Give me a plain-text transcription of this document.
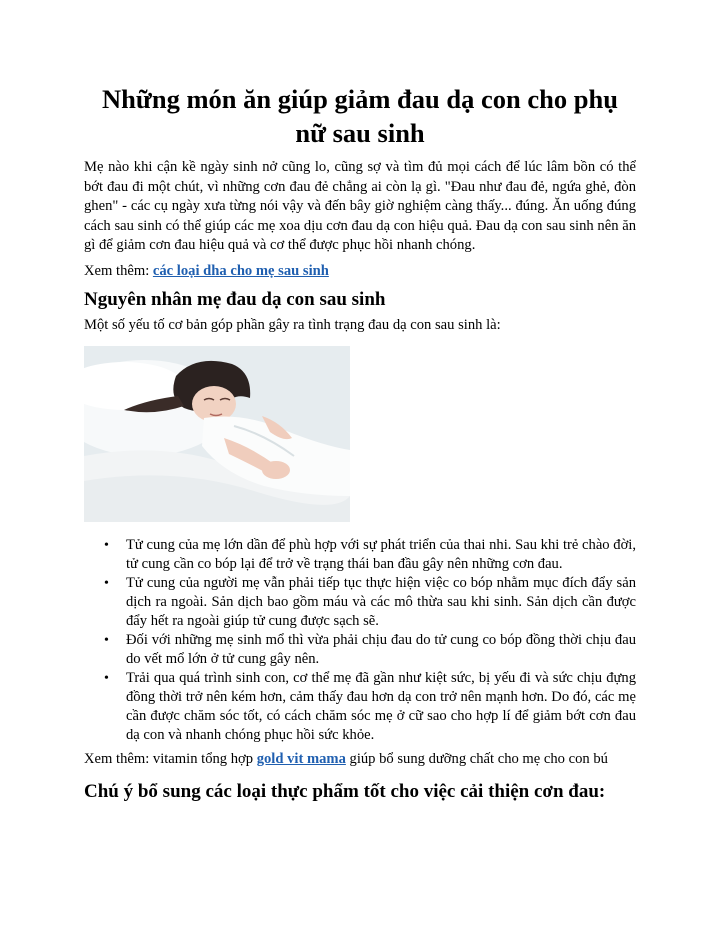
Những món ăn giúp giảm đau dạ con cho phụ nữ sau sinh

Mẹ nào khi cận kề ngày sinh nở cũng lo, cũng sợ và tìm đủ mọi cách để lúc lâm bồn có thể bớt đau đi một chút, vì những cơn đau đẻ chẳng ai còn lạ gì. "Đau như đau đẻ, ngứa ghẻ, đòn ghen" - các cụ ngày xưa từng nói vậy và đến bây giờ nghiệm càng thấy... đúng. Ăn uống đúng cách sau sinh có thể giúp các mẹ xoa dịu cơn đau dạ con hiệu quả. Đau dạ con sau sinh nên ăn gì để giảm cơn đau hiệu quả và cơ thể được phục hồi nhanh chóng.

Xem thêm: các loại dha cho mẹ sau sinh

Nguyên nhân mẹ đau dạ con sau sinh

Một số yếu tố cơ bản góp phần gây ra tình trạng đau dạ con sau sinh là:

• Tử cung của mẹ lớn dần để phù hợp với sự phát triển của thai nhi. Sau khi trẻ chào đời, tử cung cần co bóp lại để trở về trạng thái ban đầu gây nên những cơn đau.
• Tử cung của người mẹ vẫn phải tiếp tục thực hiện việc co bóp nhằm mục đích đẩy sản dịch ra ngoài. Sản dịch bao gồm máu và các mô thừa sau khi sinh. Sản dịch cần được đẩy hết ra ngoài giúp tử cung được sạch sẽ.
• Đối với những mẹ sinh mổ thì vừa phải chịu đau do tử cung co bóp đồng thời chịu đau do vết mổ lớn ở tử cung gây nên.
• Trải qua quá trình sinh con, cơ thể mẹ đã gần như kiệt sức, bị yếu đi và sức chịu đựng đồng thời trở nên kém hơn, cảm thấy đau hơn dạ con trở nên mạnh hơn. Do đó, các mẹ cần được chăm sóc tốt, có cách chăm sóc mẹ ở cữ sao cho hợp lí để giảm bớt cơn đau dạ con và nhanh chóng phục hồi sức khỏe.

Xem thêm: vitamin tổng hợp gold vit mama giúp bổ sung dưỡng chất cho mẹ cho con bú

Chú ý bổ sung các loại thực phẩm tốt cho việc cải thiện cơn đau:
